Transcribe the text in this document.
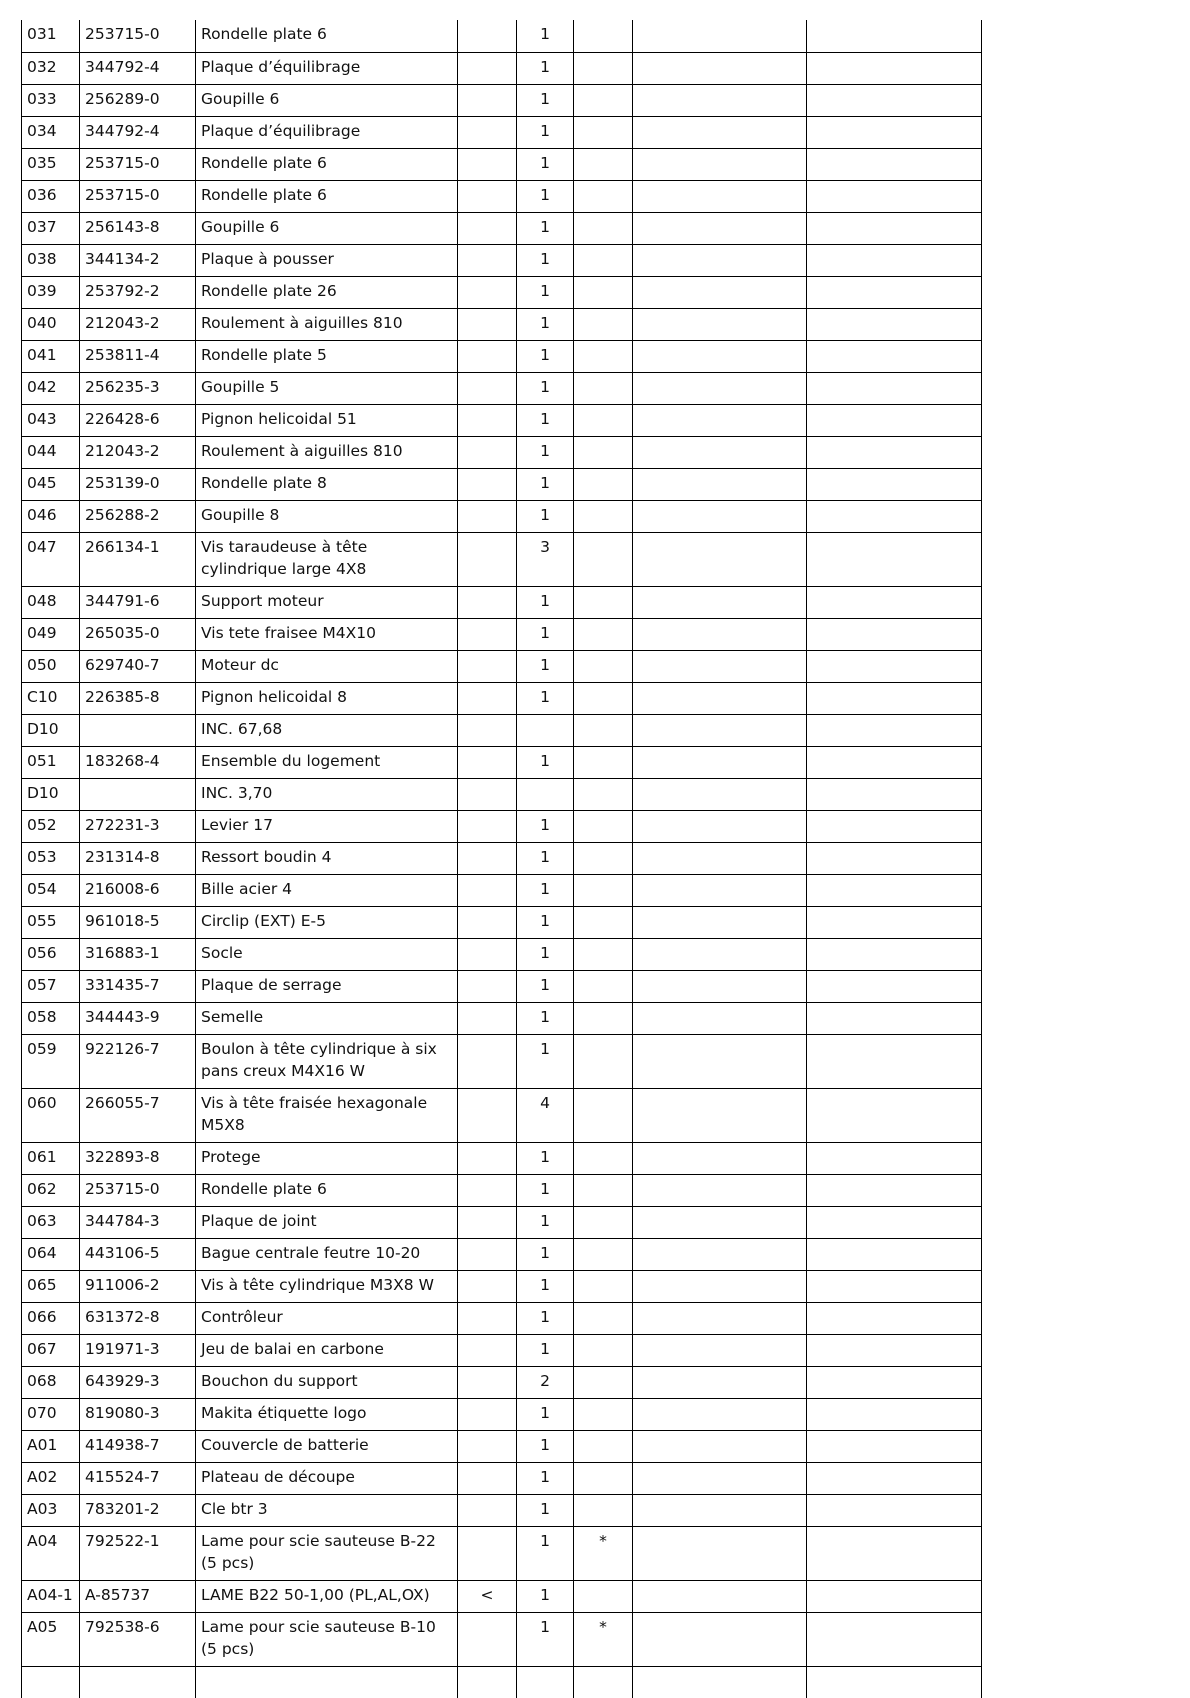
031	253715-0	Rondelle plate 6		1			
032	344792-4	Plaque d’équilibrage		1			
033	256289-0	Goupille 6		1			
034	344792-4	Plaque d’équilibrage		1			
035	253715-0	Rondelle plate 6		1			
036	253715-0	Rondelle plate 6		1			
037	256143-8	Goupille 6		1			
038	344134-2	Plaque à pousser		1			
039	253792-2	Rondelle plate 26		1			
040	212043-2	Roulement à aiguilles 810		1			
041	253811-4	Rondelle plate 5		1			
042	256235-3	Goupille 5		1			
043	226428-6	Pignon helicoidal 51		1			
044	212043-2	Roulement à aiguilles 810		1			
045	253139-0	Rondelle plate 8		1			
046	256288-2	Goupille 8		1			
047	266134-1	Vis taraudeuse à tête cylindrique large 4X8		3			
048	344791-6	Support moteur		1			
049	265035-0	Vis tete fraisee M4X10		1			
050	629740-7	Moteur dc		1			
C10	226385-8	Pignon helicoidal 8		1			
D10		INC. 67,68					
051	183268-4	Ensemble du logement		1			
D10		INC. 3,70					
052	272231-3	Levier 17		1			
053	231314-8	Ressort boudin 4		1			
054	216008-6	Bille acier 4		1			
055	961018-5	Circlip (EXT) E-5		1			
056	316883-1	Socle		1			
057	331435-7	Plaque de serrage		1			
058	344443-9	Semelle		1			
059	922126-7	Boulon à tête cylindrique à six pans creux M4X16 W		1			
060	266055-7	Vis à tête fraisée hexagonale M5X8		4			
061	322893-8	Protege		1			
062	253715-0	Rondelle plate 6		1			
063	344784-3	Plaque de joint		1			
064	443106-5	Bague centrale feutre 10-20		1			
065	911006-2	Vis à tête cylindrique M3X8 W		1			
066	631372-8	Contrôleur		1			
067	191971-3	Jeu de balai en carbone		1			
068	643929-3	Bouchon du support		2			
070	819080-3	Makita étiquette logo		1			
A01	414938-7	Couvercle de batterie		1			
A02	415524-7	Plateau de découpe		1			
A03	783201-2	Cle btr 3		1			
A04	792522-1	Lame pour scie sauteuse B-22 (5 pcs)		1	*		
A04-1	A-85737	LAME B22 50-1,00 (PL,AL,OX)	<	1			
A05	792538-6	Lame pour scie sauteuse B-10 (5 pcs)		1	*		
